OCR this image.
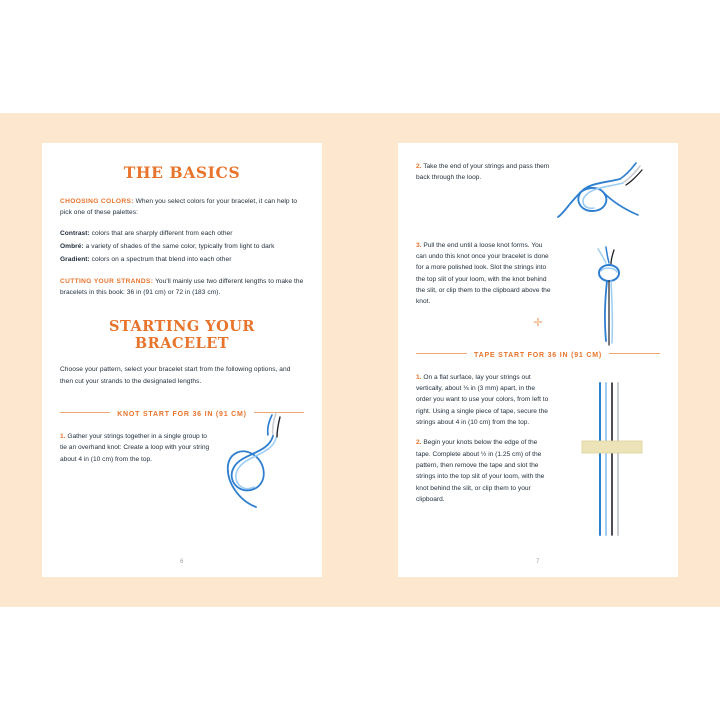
THE BASICS

CHOOSING COLORS: When you select colors for your bracelet, it can help to pick one of these palettes:

Contrast: colors that are sharply different from each other

Ombré: a variety of shades of the same color, typically from light to dark

Gradient: colors on a spectrum that blend into each other

CUTTING YOUR STRANDS: You'll mainly use two different lengths to make the bracelets in this book: 36 in (91 cm) or 72 in (183 cm).

STARTING YOUR BRACELET

Choose your pattern, select your bracelet start from the following options, and then cut your strands to the designated lengths.

KNOT START FOR 36 IN (91 CM)
1. Gather your strings together in a single group to tie an overhand knot: Create a loop with your string about 4 in (10 cm) from the top.
6
2. Take the end of your strings and pass them back through the loop.
3. Pull the end until a loose knot forms. You can undo this knot once your bracelet is done for a more polished look. Slot the strings into the top slit of your loom, with the knot behind the slit, or clip them to the clipboard above the knot.
✛
TAPE START FOR 36 IN (91 CM)
1. On a flat surface, lay your strings out vertically, about ⅛ in (3 mm) apart, in the order you want to use your colors, from left to right. Using a single piece of tape, secure the strings about 4 in (10 cm) from the top.
2. Begin your knots below the edge of the tape. Complete about ½ in (1.25 cm) of the pattern, then remove the tape and slot the strings into the top slit of your loom, with the knot behind the slit, or clip them to your clipboard.
7
